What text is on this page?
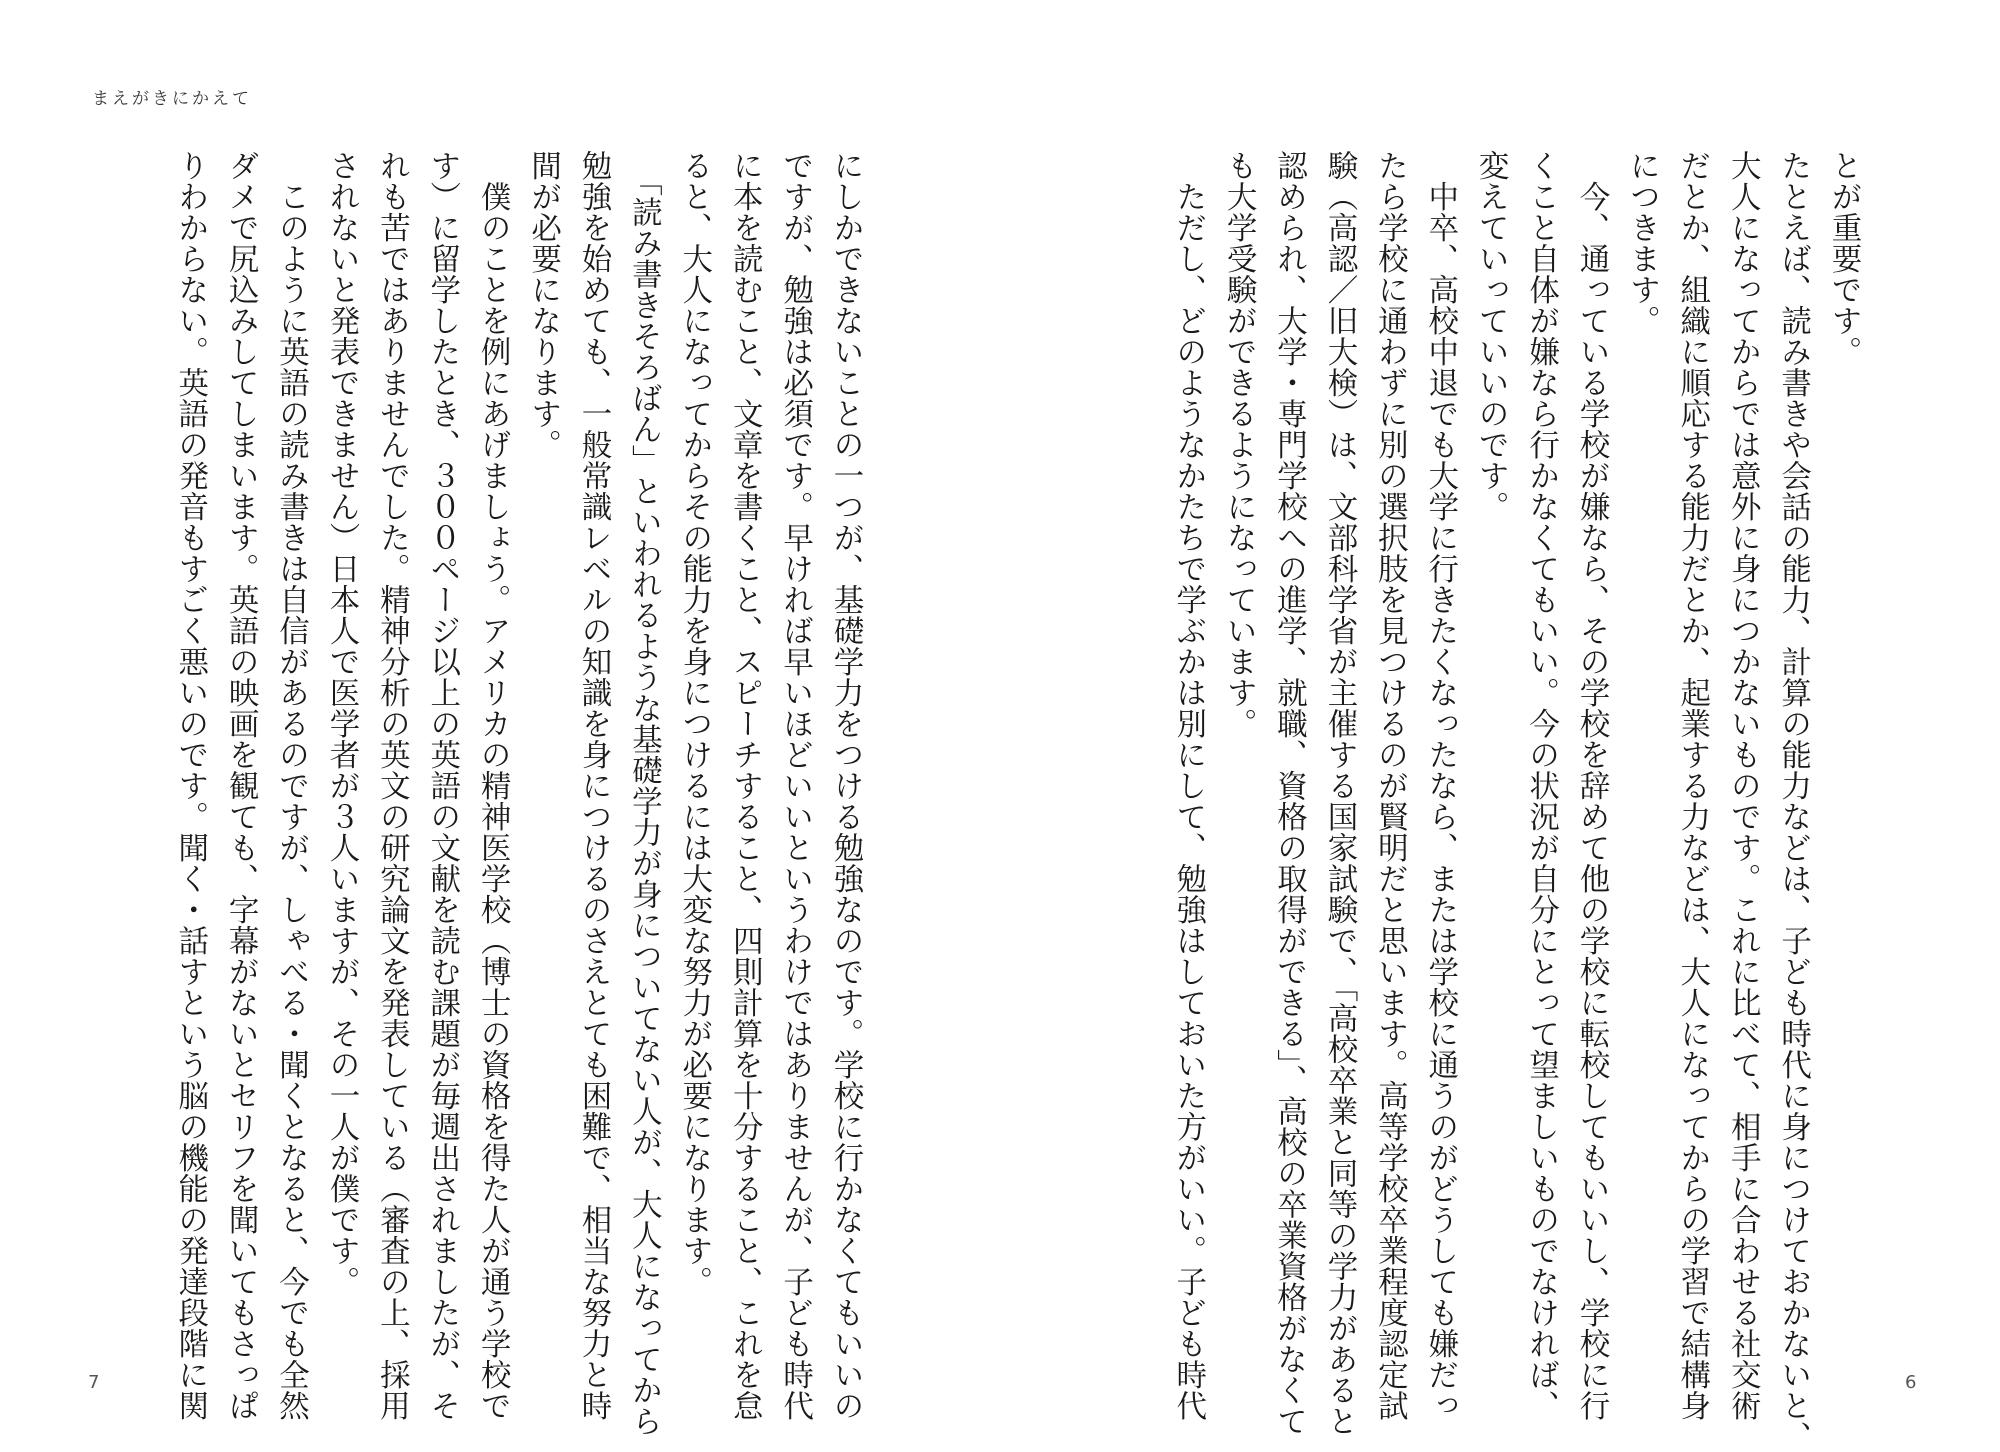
まえがきにかえて
とが重要です。
たとえば、読み書きや会話の能力、計算の能力などは、子ども時代に身につけておかないと、
大人になってからでは意外に身につかないものです。これに比べて、相手に合わせる社交術
だとか、組織に順応する能力だとか、起業する力などは、大人になってからの学習で結構身
につきます。
　今、通っている学校が嫌なら、その学校を辞めて他の学校に転校してもいいし、学校に行
くこと自体が嫌なら行かなくてもいい。今の状況が自分にとって望ましいものでなければ、
変えていっていいのです。
　中卒、高校中退でも大学に行きたくなったなら、または学校に通うのがどうしても嫌だっ
たら学校に通わずに別の選択肢を見つけるのが賢明だと思います。高等学校卒業程度認定試
験（高認／旧大検）は、文部科学省が主催する国家試験で、「高校卒業と同等の学力があると
認められ、大学・専門学校への進学、就職、資格の取得ができる」、高校の卒業資格がなくて
も大学受験ができるようになっています。
　ただし、どのようなかたちで学ぶかは別にして、勉強はしておいた方がいい。子ども時代
にしかできないことの一つが、基礎学力をつける勉強なのです。学校に行かなくてもいいの
ですが、勉強は必須です。早ければ早いほどいいというわけではありませんが、子ども時代
に本を読むこと、文章を書くこと、スピーチすること、四則計算を十分すること、これを怠
ると、大人になってからその能力を身につけるには大変な努力が必要になります。
　「読み書きそろばん」といわれるような基礎学力が身についてない人が、大人になってから
勉強を始めても、一般常識レベルの知識を身につけるのさえとても困難で、相当な努力と時
間が必要になります。
　僕のことを例にあげましょう。アメリカの精神医学校（博士の資格を得た人が通う学校で
す）に留学したとき、３００ページ以上の英語の文献を読む課題が毎週出されましたが、そ
れも苦ではありませんでした。精神分析の英文の研究論文を発表している（審査の上、採用
されないと発表できません）日本人で医学者が３人いますが、その一人が僕です。
　このように英語の読み書きは自信があるのですが、しゃべる・聞くとなると、今でも全然
ダメで尻込みしてしまいます。英語の映画を観ても、字幕がないとセリフを聞いてもさっぱ
りわからない。英語の発音もすごく悪いのです。聞く・話すという脳の機能の発達段階に関
7	6
